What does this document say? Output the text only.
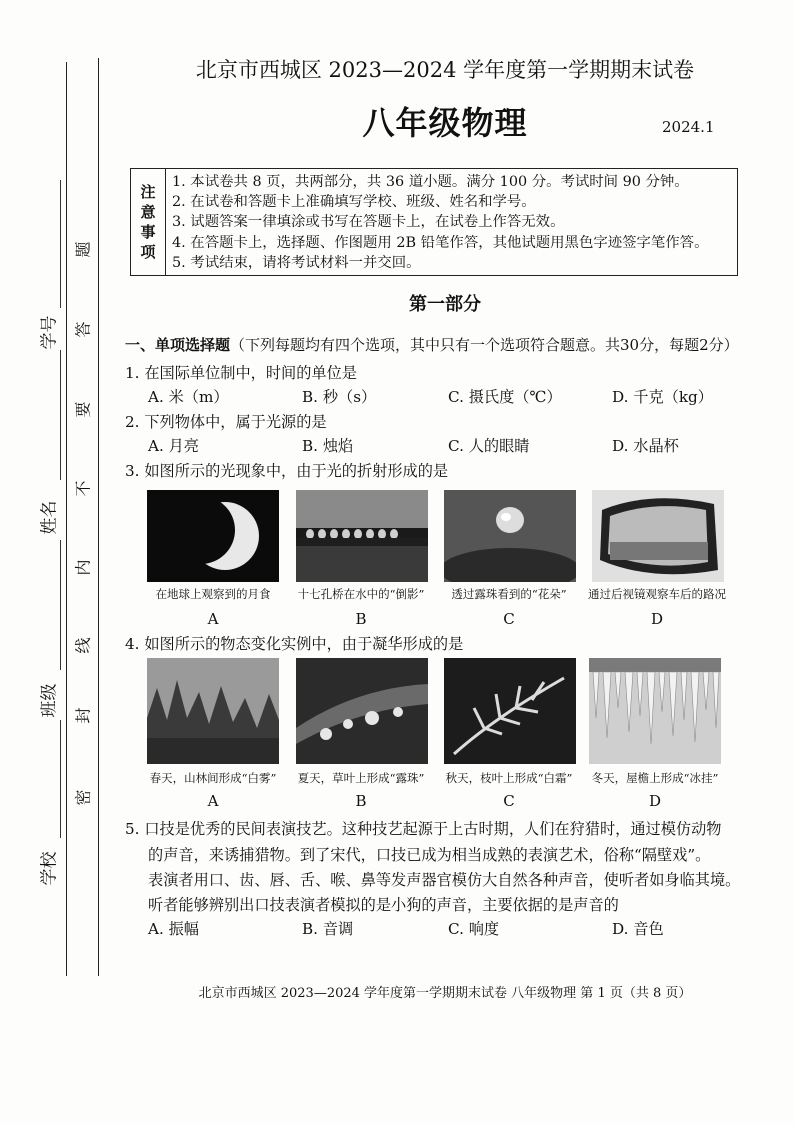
学号
姓名
班级
学校
题
答
要
不
内
线
封
密
北京市西城区 2023—2024 学年度第一学期期末试卷
八年级物理	2024.1
注
意
事
项
1. 本试卷共 8 页，共两部分，共 36 道小题。满分 100 分。考试时间 90 分钟。
2. 在试卷和答题卡上准确填写学校、班级、姓名和学号。
3. 试题答案一律填涂或书写在答题卡上，在试卷上作答无效。
4. 在答题卡上，选择题、作图题用 2B 铅笔作答，其他试题用黑色字迹签字笔作答。
5. 考试结束，请将考试材料一并交回。
第一部分
一、单项选择题（下列每题均有四个选项，其中只有一个选项符合题意。共30分，每题2分）
1. 在国际单位制中，时间的单位是
A. 米（m）	B. 秒（s）	C. 摄氏度（℃）	D. 千克（kg）
2. 下列物体中，属于光源的是
A. 月亮	B. 烛焰	C. 人的眼睛	D. 水晶杯
3. 如图所示的光现象中，由于光的折射形成的是
在地球上观察到的月食	十七孔桥在水中的“倒影”	透过露珠看到的“花朵”	通过后视镜观察车后的路况
A	B	C	D
4. 如图所示的物态变化实例中，由于凝华形成的是
春天，山林间形成“白雾”	夏天，草叶上形成“露珠”	秋天，枝叶上形成“白霜”	冬天，屋檐上形成“冰挂”
A	B	C	D
5. 口技是优秀的民间表演技艺。这种技艺起源于上古时期，人们在狩猎时，通过模仿动物
的声音，来诱捕猎物。到了宋代，口技已成为相当成熟的表演艺术，俗称“隔壁戏”。
表演者用口、齿、唇、舌、喉、鼻等发声器官模仿大自然各种声音，使听者如身临其境。
听者能够辨别出口技表演者模拟的是小狗的声音，主要依据的是声音的
A. 振幅	B. 音调	C. 响度	D. 音色
北京市西城区 2023—2024 学年度第一学期期末试卷 八年级物理 第 1 页（共 8 页）
